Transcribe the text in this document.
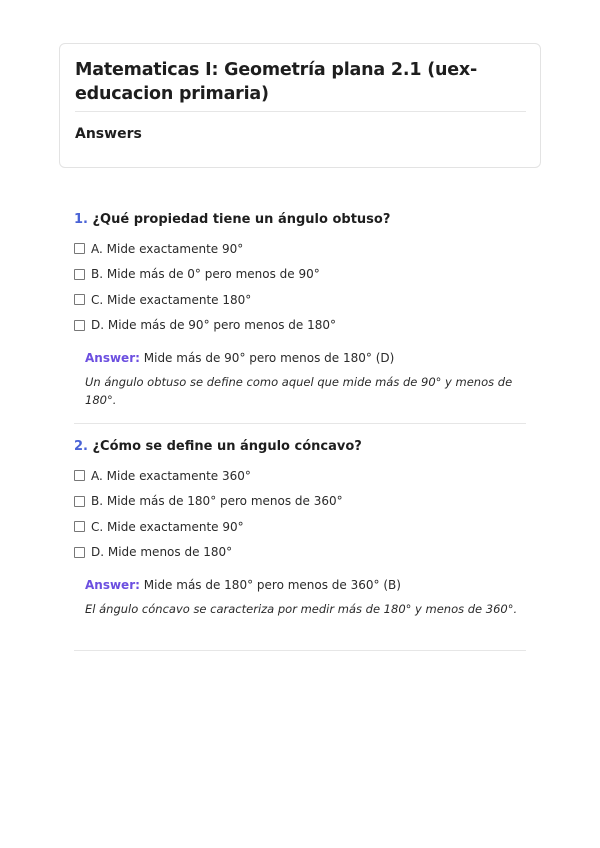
Matematicas I: Geometría plana 2.1 (uex-educacion primaria)
Answers
1. ¿Qué propiedad tiene un ángulo obtuso?
A. Mide exactamente 90°
B. Mide más de 0° pero menos de 90°
C. Mide exactamente 180°
D. Mide más de 90° pero menos de 180°
Answer: Mide más de 90° pero menos de 180° (D)
Un ángulo obtuso se define como aquel que mide más de 90° y menos de 180°.
2. ¿Cómo se define un ángulo cóncavo?
A. Mide exactamente 360°
B. Mide más de 180° pero menos de 360°
C. Mide exactamente 90°
D. Mide menos de 180°
Answer: Mide más de 180° pero menos de 360° (B)
El ángulo cóncavo se caracteriza por medir más de 180° y menos de 360°.
